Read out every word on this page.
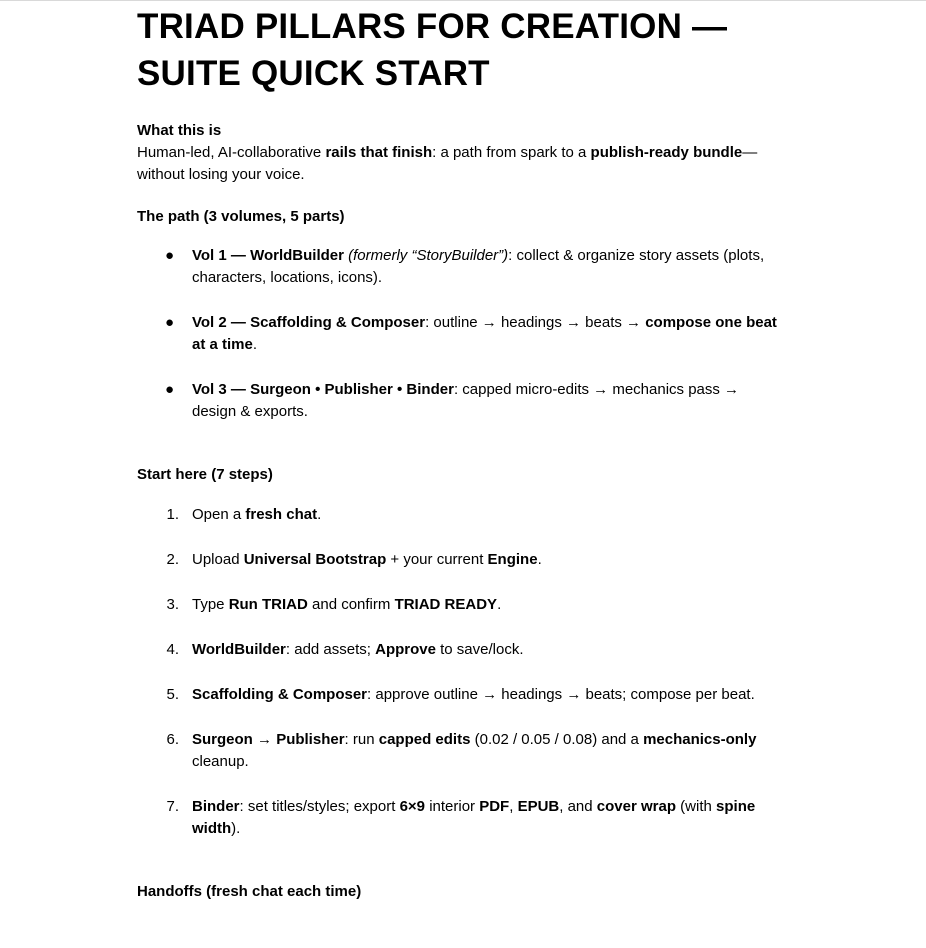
TRIAD PILLARS FOR CREATION — SUITE QUICK START

What this is

Human-led, AI-collaborative rails that finish: a path from spark to a publish-ready bundle—without losing your voice.

The path (3 volumes, 5 parts)

● Vol 1 — WorldBuilder (formerly “StoryBuilder”): collect & organize story assets (plots, characters, locations, icons).
● Vol 2 — Scaffolding & Composer: outline → headings → beats → compose one beat at a time.
● Vol 3 — Surgeon • Publisher • Binder: capped micro-edits → mechanics pass → design & exports.

Start here (7 steps)

1. Open a fresh chat.
2. Upload Universal Bootstrap + your current Engine.
3. Type Run TRIAD and confirm TRIAD READY.
4. WorldBuilder: add assets; Approve to save/lock.
5. Scaffolding & Composer: approve outline → headings → beats; compose per beat.
6. Surgeon → Publisher: run capped edits (0.02 / 0.05 / 0.08) and a mechanics-only cleanup.
7. Binder: set titles/styles; export 6×9 interior PDF, EPUB, and cover wrap (with spine width).

Handoffs (fresh chat each time)
